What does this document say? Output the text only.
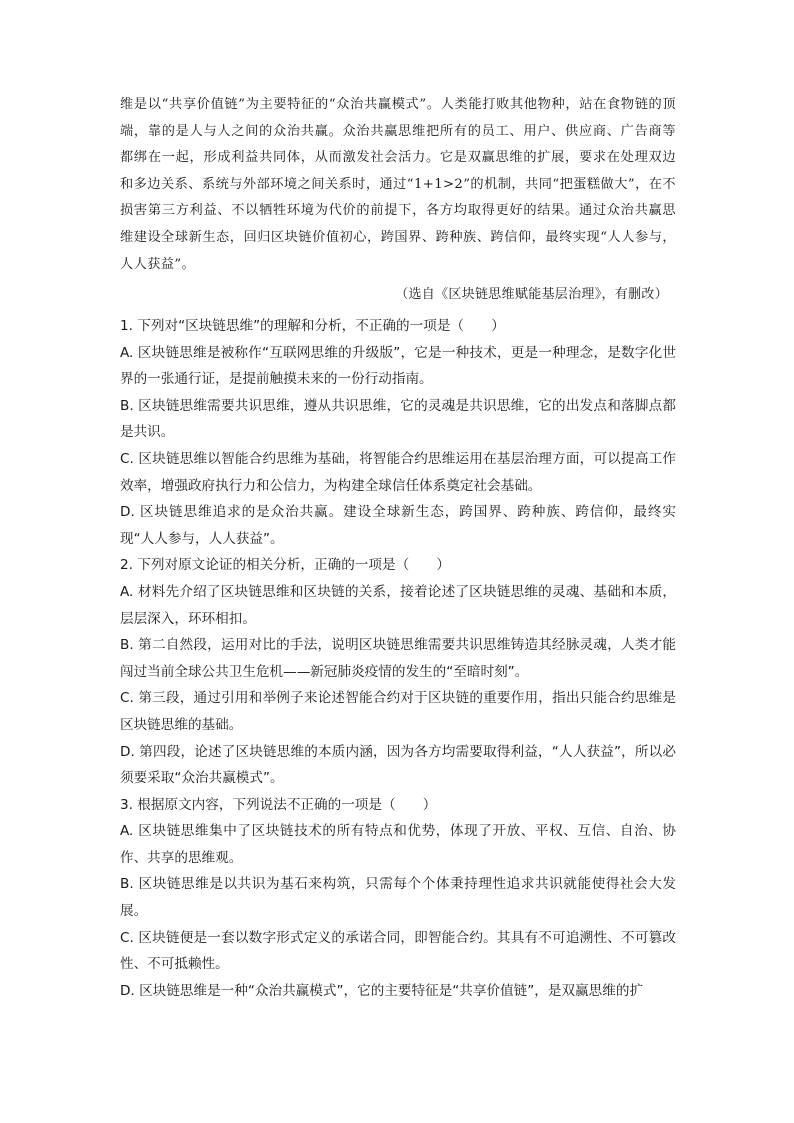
维是以“共享价值链”为主要特征的“众治共赢模式”。人类能打败其他物种，站在食物链的顶端，靠的是人与人之间的众治共赢。众治共赢思维把所有的员工、用户、供应商、广告商等都绑在一起，形成利益共同体，从而激发社会活力。它是双赢思维的扩展，要求在处理双边和多边关系、系统与外部环境之间关系时，通过“1+1>2”的机制，共同“把蛋糕做大”，在不损害第三方利益、不以牺牲环境为代价的前提下，各方均取得更好的结果。通过众治共赢思维建设全球新生态，回归区块链价值初心，跨国界、跨种族、跨信仰，最终实现“人人参与，人人获益”。

（选自《区块链思维赋能基层治理》，有删改）

1. 下列对“区块链思维”的理解和分析，不正确的一项是（　　）

A. 区块链思维是被称作“互联网思维的升级版”，它是一种技术，更是一种理念，是数字化世界的一张通行证，是提前触摸未来的一份行动指南。

B. 区块链思维需要共识思维，遵从共识思维，它的灵魂是共识思维，它的出发点和落脚点都是共识。

C. 区块链思维以智能合约思维为基础，将智能合约思维运用在基层治理方面，可以提高工作效率，增强政府执行力和公信力，为构建全球信任体系奠定社会基础。

D. 区块链思维追求的是众治共赢。建设全球新生态，跨国界、跨种族、跨信仰，最终实现“人人参与，人人获益”。

2. 下列对原文论证的相关分析，正确的一项是（　　）

A. 材料先介绍了区块链思维和区块链的关系，接着论述了区块链思维的灵魂、基础和本质，层层深入，环环相扣。

B. 第二自然段，运用对比的手法，说明区块链思维需要共识思维铸造其经脉灵魂，人类才能闯过当前全球公共卫生危机——新冠肺炎疫情的发生的“至暗时刻”。

C. 第三段，通过引用和举例子来论述智能合约对于区块链的重要作用，指出只能合约思维是区块链思维的基础。

D. 第四段，论述了区块链思维的本质内涵，因为各方均需要取得利益，“人人获益”，所以必须要采取“众治共赢模式”。

3. 根据原文内容，下列说法不正确的一项是（　　）

A. 区块链思维集中了区块链技术的所有特点和优势，体现了开放、平权、互信、自治、协作、共享的思维观。

B. 区块链思维是以共识为基石来构筑，只需每个个体秉持理性追求共识就能使得社会大发展。

C. 区块链便是一套以数字形式定义的承诺合同，即智能合约。其具有不可追溯性、不可篡改性、不可抵赖性。

D. 区块链思维是一种“众治共赢模式”，它的主要特征是“共享价值链”，是双赢思维的扩
